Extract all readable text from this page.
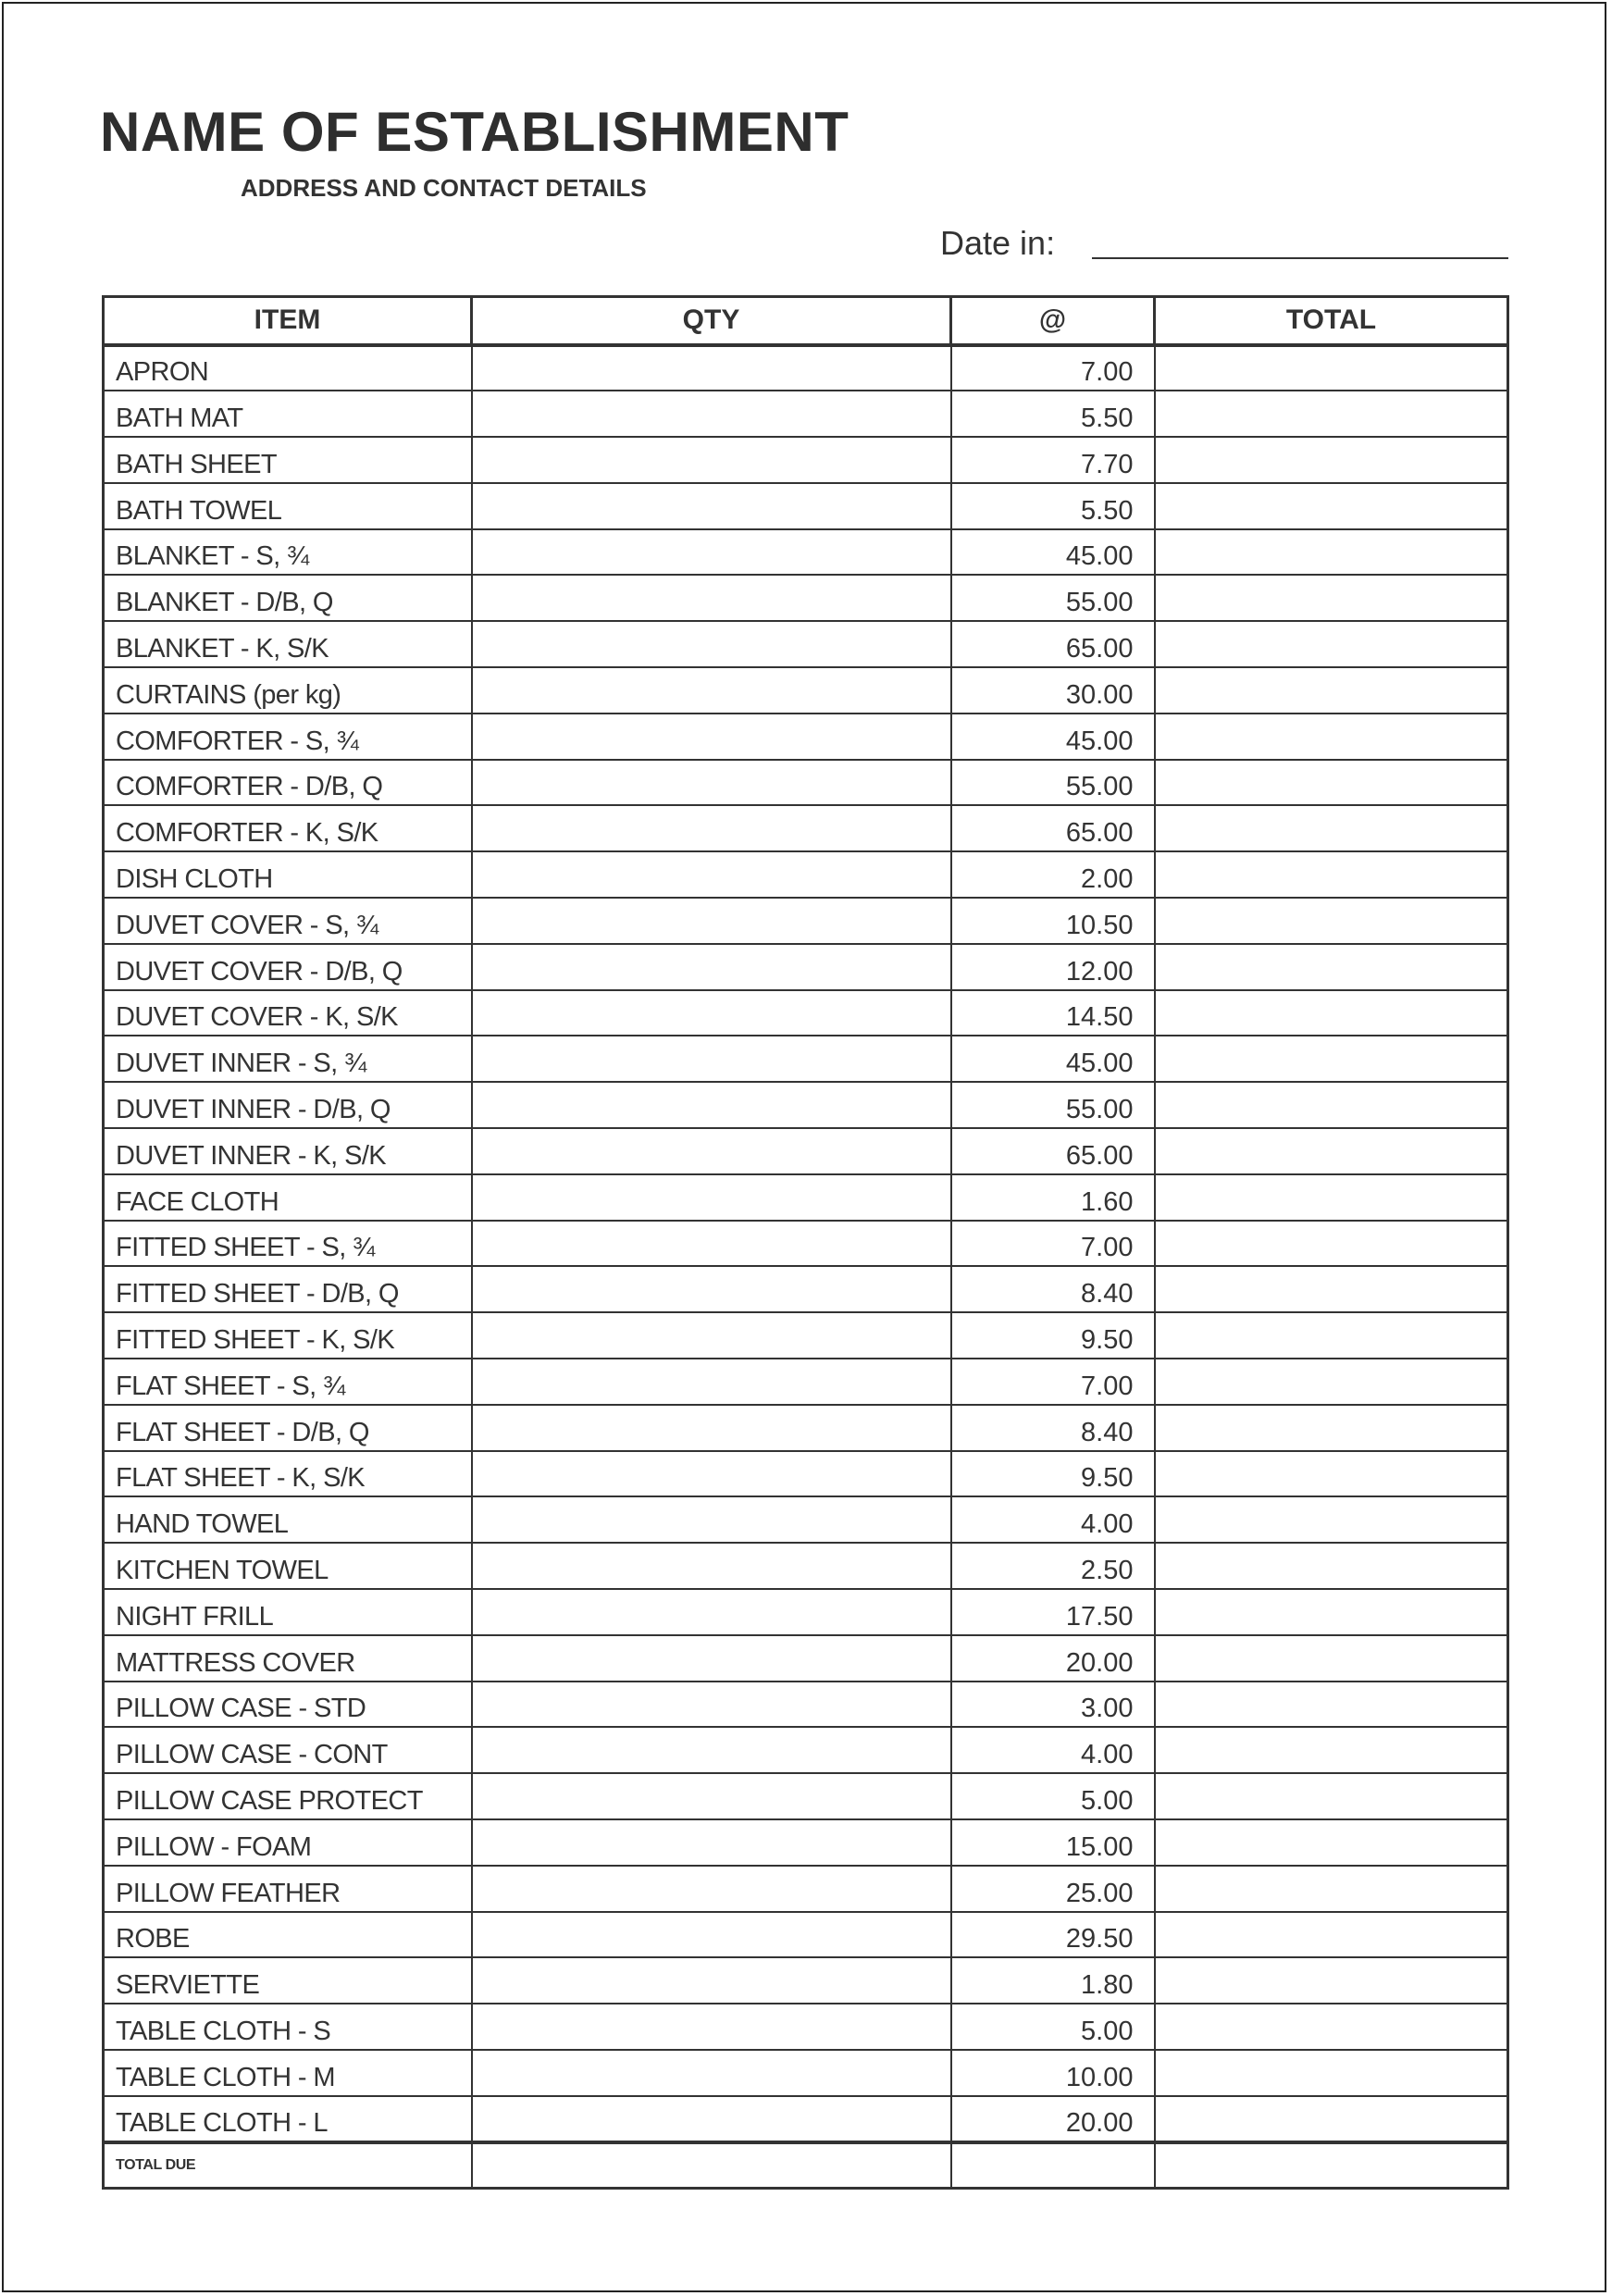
NAME OF ESTABLISHMENT
ADDRESS AND CONTACT DETAILS
Date in:
ITEM	QTY	@	TOTAL
APRON		7.00	
BATH MAT		5.50	
BATH SHEET		7.70	
BATH TOWEL		5.50	
BLANKET - S, ¾		45.00	
BLANKET - D/B, Q		55.00	
BLANKET - K, S/K		65.00	
CURTAINS (per kg)		30.00	
COMFORTER - S, ¾		45.00	
COMFORTER - D/B, Q		55.00	
COMFORTER - K, S/K		65.00	
DISH CLOTH		2.00	
DUVET COVER - S, ¾		10.50	
DUVET COVER - D/B, Q		12.00	
DUVET COVER - K, S/K		14.50	
DUVET INNER - S, ¾		45.00	
DUVET INNER - D/B, Q		55.00	
DUVET INNER - K, S/K		65.00	
FACE CLOTH		1.60	
FITTED SHEET - S, ¾		7.00	
FITTED SHEET - D/B, Q		8.40	
FITTED SHEET - K, S/K		9.50	
FLAT SHEET - S, ¾		7.00	
FLAT SHEET - D/B, Q		8.40	
FLAT SHEET - K, S/K		9.50	
HAND TOWEL		4.00	
KITCHEN TOWEL		2.50	
NIGHT FRILL		17.50	
MATTRESS COVER		20.00	
PILLOW CASE - STD		3.00	
PILLOW CASE - CONT		4.00	
PILLOW CASE PROTECT		5.00	
PILLOW - FOAM		15.00	
PILLOW FEATHER		25.00	
ROBE		29.50	
SERVIETTE		1.80	
TABLE CLOTH - S		5.00	
TABLE CLOTH - M		10.00	
TABLE CLOTH - L		20.00	
TOTAL DUE			
